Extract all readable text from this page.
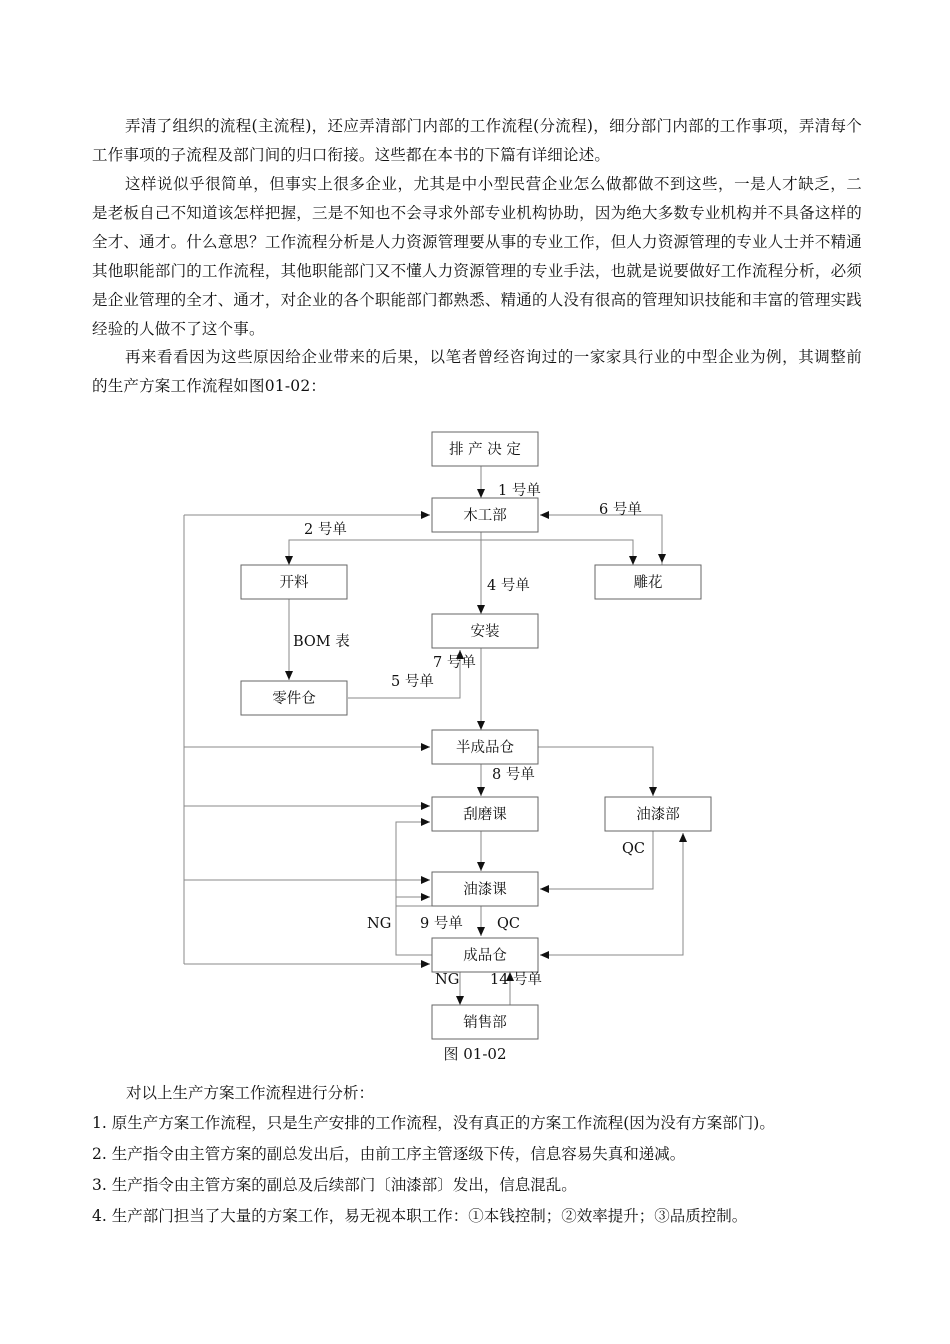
弄清了组织的流程(主流程)，还应弄清部门内部的工作流程(分流程)，细分部门内部的工作事项，弄清每个工作事项的子流程及部门间的归口衔接。这些都在本书的下篇有详细论述。

这样说似乎很简单，但事实上很多企业，尤其是中小型民营企业怎么做都做不到这些，一是人才缺乏，二是老板自己不知道该怎样把握，三是不知也不会寻求外部专业机构协助，因为绝大多数专业机构并不具备这样的全才、通才。什么意思？工作流程分析是人力资源管理要从事的专业工作，但人力资源管理的专业人士并不精通其他职能部门的工作流程，其他职能部门又不懂人力资源管理的专业手法，也就是说要做好工作流程分析，必须是企业管理的全才、通才，对企业的各个职能部门都熟悉、精通的人没有很高的管理知识技能和丰富的管理实践经验的人做不了这个事。

再来看看因为这些原因给企业带来的后果，以笔者曾经咨询过的一家家具行业的中型企业为例，其调整前的生产方案工作流程如图01-02：

排 产 决 定
木工部
开料	雕花
安装
零件仓
半成品仓
刮磨课	油漆部
油漆课
成品仓
销售部
1 号单
2 号单
6 号单
4 号单
BOM 表
7 号单
5 号单
8 号单
QC
NG 9 号单 QC
NG 14 号单
图 01-02
对以上生产方案工作流程进行分析：
1. 原生产方案工作流程，只是生产安排的工作流程，没有真正的方案工作流程(因为没有方案部门)。
2. 生产指令由主管方案的副总发出后，由前工序主管逐级下传，信息容易失真和递减。
3. 生产指令由主管方案的副总及后续部门〔油漆部〕发出，信息混乱。
4. 生产部门担当了大量的方案工作，易无视本职工作：①本钱控制；②效率提升；③品质控制。
